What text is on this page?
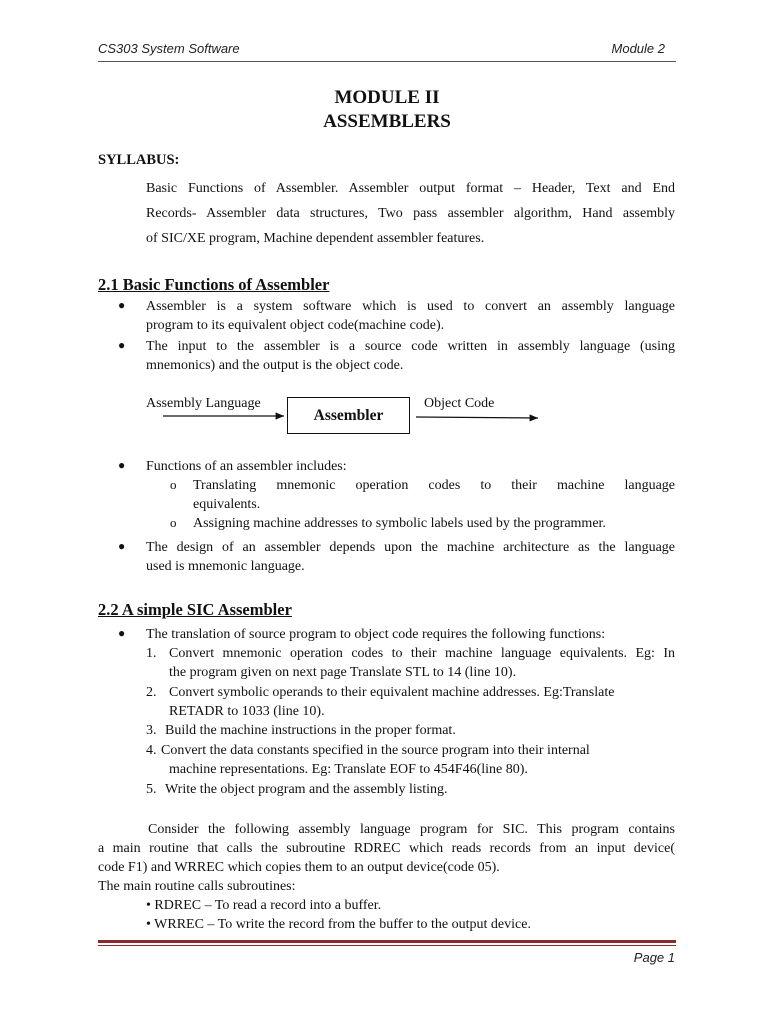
CS303 System Software	Module 2
MODULE II
ASSEMBLERS
SYLLABUS:
Basic Functions of Assembler. Assembler output format – Header, Text and End
Records- Assembler data structures, Two pass assembler algorithm, Hand assembly
of SIC/XE program, Machine dependent assembler features.
2.1 Basic Functions of Assembler
● Assembler is a system software which is used to convert an assembly language
program to its equivalent object code(machine code).
● The input to the assembler is a source code written in assembly language (using
mnemonics) and the output is the object code.
Assembly Language
Assembler
Object Code
● Functions of an assembler includes:
o Translating mnemonic operation codes to their machine language
equivalents.
o Assigning machine addresses to symbolic labels used by the programmer.
● The design of an assembler depends upon the machine architecture as the language
used is mnemonic language.
2.2 A simple SIC Assembler
● The translation of source program to object code requires the following functions:
1. Convert mnemonic operation codes to their machine language equivalents. Eg: In
the program given on next page Translate STL to 14 (line 10).
2. Convert symbolic operands to their equivalent machine addresses. Eg:Translate
RETADR to 1033 (line 10).
3. Build the machine instructions in the proper format.
4. Convert the data constants specified in the source program into their internal
machine representations. Eg: Translate EOF to 454F46(line 80).
5. Write the object program and the assembly listing.
Consider the following assembly language program for SIC. This program contains
a main routine that calls the subroutine RDREC which reads records from an input device(
code F1) and WRREC which copies them to an output device(code 05).
The main routine calls subroutines:
• RDREC – To read a record into a buffer.
• WRREC – To write the record from the buffer to the output device.
Page 1
